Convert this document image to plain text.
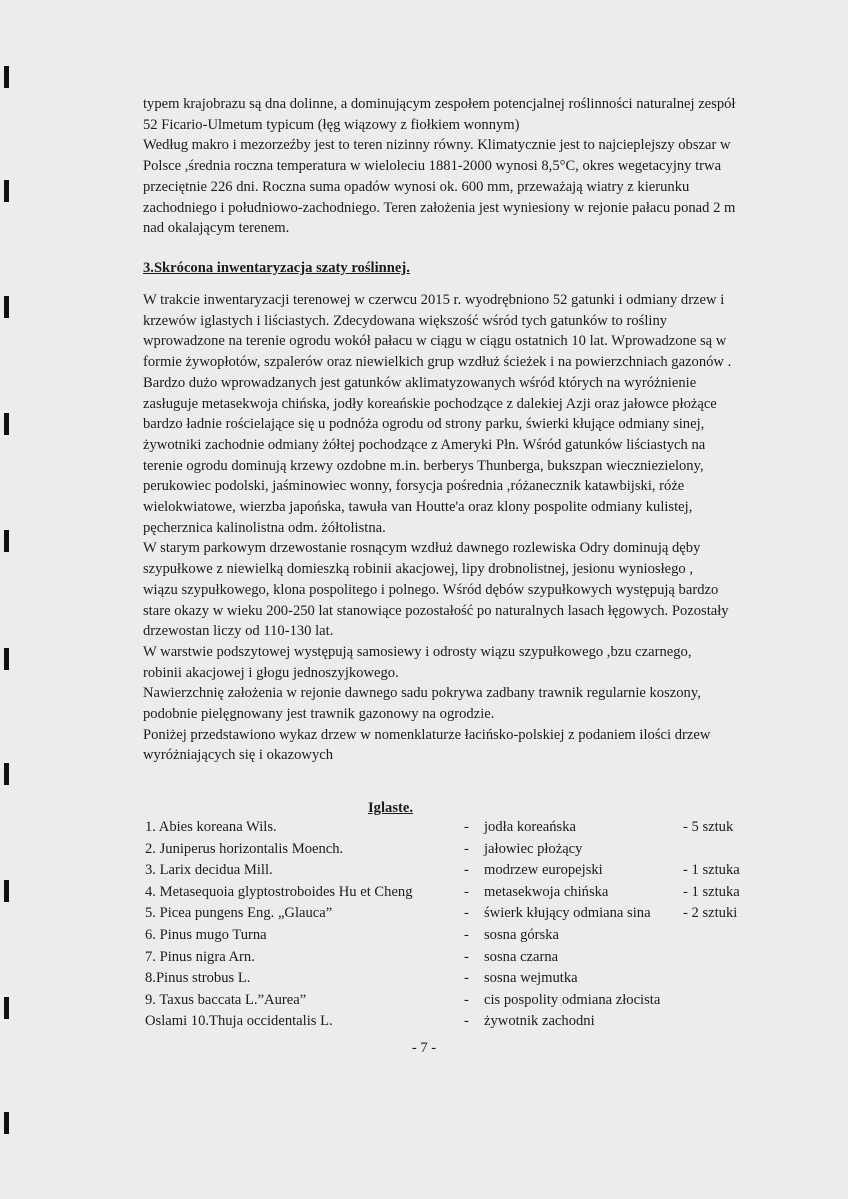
typem krajobrazu są dna dolinne, a dominującym zespołem potencjalnej roślinności naturalnej zespół
52 Ficario-Ulmetum typicum (łęg wiązowy z fiołkiem wonnym)
Według makro i mezorzeźby jest to teren nizinny równy. Klimatycznie jest to najcieplejszy obszar w
Polsce ,średnia roczna temperatura w wieloleciu 1881-2000 wynosi 8,5°C, okres wegetacyjny trwa
przeciętnie 226 dni. Roczna suma opadów wynosi ok. 600 mm, przeważają wiatry z kierunku
zachodniego i południowo-zachodniego. Teren założenia jest wyniesiony w rejonie pałacu ponad 2 m
nad okalającym terenem.
3.Skrócona inwentaryzacja szaty roślinnej.
W trakcie inwentaryzacji terenowej w czerwcu 2015 r. wyodrębniono 52 gatunki i odmiany drzew i
krzewów iglastych i liściastych. Zdecydowana większość wśród tych gatunków to rośliny
wprowadzone na terenie ogrodu wokół pałacu w ciągu w ciągu ostatnich 10 lat. Wprowadzone są w
formie żywopłotów, szpalerów oraz niewielkich grup wzdłuż ścieżek i na powierzchniach gazonów .
Bardzo dużo wprowadzanych jest gatunków aklimatyzowanych wśród których na wyróżnienie
zasługuje metasekwoja chińska, jodły koreańskie pochodzące z dalekiej Azji oraz jałowce płożące
bardzo ładnie rościelające się u podnóża ogrodu od strony parku, świerki kłujące odmiany sinej,
żywotniki zachodnie odmiany żółtej pochodzące z Ameryki Płn. Wśród gatunków liściastych na
terenie ogrodu dominują krzewy ozdobne m.in. berberys Thunberga, bukszpan wiecznie​zielony,
perukowiec podolski, jaśminowiec wonny, forsycja pośrednia ,różanecznik katawbijski, róże
wielokwiatowe, wierzba japońska, tawuła van Houtte'a oraz klony pospolite odmiany kulistej,
pęcherznica kalinolistna odm. żółtolistna.
W starym parkowym drzewostanie rosnącym wzdłuż dawnego rozlewiska Odry dominują dęby
szypułkowe z niewielką domieszką robinii akacjowej, lipy drobnolistnej, jesionu wyniosłego ,
wiązu szypułkowego, klona pospolitego i polnego. Wśród dębów szypułkowych występują bardzo
stare okazy w wieku 200-250 lat stanowiące pozostałość po naturalnych lasach łęgowych. Pozostały
drzewostan liczy od 110-130 lat.
W warstwie podszytowej występują samosiewy i odrosty wiązu szypułkowego ,bzu czarnego,
robinii akacjowej i głogu jednoszyjkowego.
Nawierzchnię założenia w rejonie dawnego sadu pokrywa zadbany trawnik regularnie koszony,
podobnie pielęgnowany jest trawnik gazonowy na ogrodzie.
Poniżej przedstawiono wykaz drzew w nomenklaturze łacińsko-polskiej z podaniem ilości drzew
wyróżniających się i okazowych
Iglaste.
1. Abies koreana Wils.	- jodła koreańska	- 5 sztuk
2. Juniperus horizontalis Moench.	- jałowiec płożący
3. Larix decidua Mill.	- modrzew europejski	- 1 sztuka
4. Metasequoia glyptostroboides Hu et Cheng	- metasekwoja chińska	- 1 sztuka
5. Picea pungens Eng. „Glauca”	- świerk kłujący odmiana sina - 2 sztuki
6. Pinus mugo Turna	- sosna górska
7. Pinus nigra Arn.	- sosna czarna
8.Pinus strobus L.	- sosna wejmutka
9. Taxus baccata L.”Aurea”	- cis pospolity odmiana złocista
Oslami 10.Thuja occidentalis L.	- żywotnik zachodni
- 7 -
